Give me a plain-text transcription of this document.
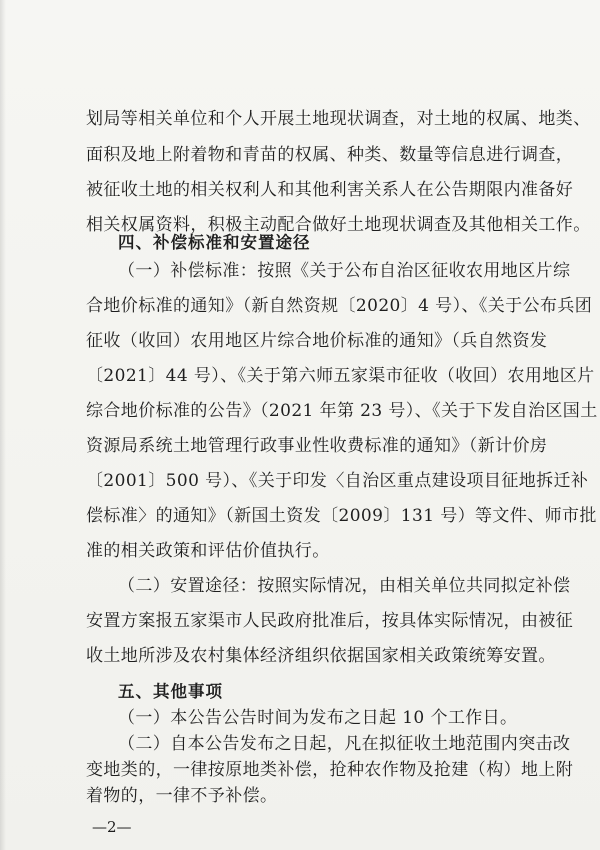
划局等相关单位和个人开展土地现状调查，对土地的权属、地类、
面积及地上附着物和青苗的权属、种类、数量等信息进行调查，
被征收土地的相关权利人和其他利害关系人在公告期限内准备好
相关权属资料，积极主动配合做好土地现状调查及其他相关工作。
四、补偿标准和安置途径
（一）补偿标准：按照《关于公布自治区征收农用地区片综
合地价标准的通知》（新自然资规〔2020〕4 号）、《关于公布兵团
征收（收回）农用地区片综合地价标准的通知》（兵自然资发
〔2021〕44 号）、《关于第六师五家渠市征收（收回）农用地区片
综合地价标准的公告》（2021 年第 23 号）、《关于下发自治区国土
资源局系统土地管理行政事业性收费标准的通知》（新计价房
〔2001〕500 号）、《关于印发〈自治区重点建设项目征地拆迁补
偿标准〉的通知》（新国土资发〔2009〕131 号）等文件、师市批
准的相关政策和评估价值执行。
（二）安置途径：按照实际情况，由相关单位共同拟定补偿
安置方案报五家渠市人民政府批准后，按具体实际情况，由被征
收土地所涉及农村集体经济组织依据国家相关政策统筹安置。
五、其他事项
（一）本公告公告时间为发布之日起 10 个工作日。
（二）自本公告发布之日起，凡在拟征收土地范围内突击改
变地类的，一律按原地类补偿，抢种农作物及抢建（构）地上附
着物的，一律不予补偿。
—2—
